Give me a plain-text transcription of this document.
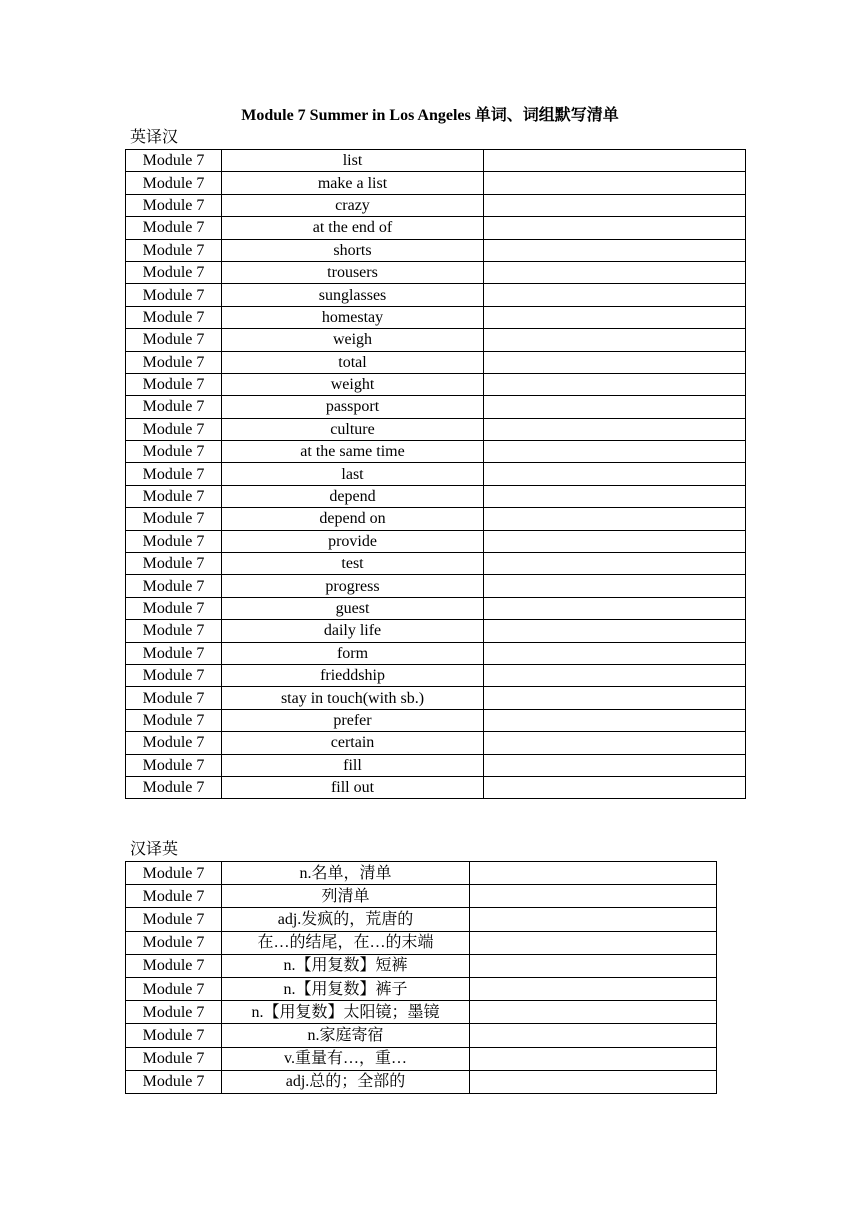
Module 7 Summer in Los Angeles 单词、词组默写清单
英译汉
Module 7	list	
Module 7	make a list	
Module 7	crazy	
Module 7	at the end of	
Module 7	shorts	
Module 7	trousers	
Module 7	sunglasses	
Module 7	homestay	
Module 7	weigh	
Module 7	total	
Module 7	weight	
Module 7	passport	
Module 7	culture	
Module 7	at the same time	
Module 7	last	
Module 7	depend	
Module 7	depend on	
Module 7	provide	
Module 7	test	
Module 7	progress	
Module 7	guest	
Module 7	daily life	
Module 7	form	
Module 7	frieddship	
Module 7	stay in touch(with sb.)	
Module 7	prefer	
Module 7	certain	
Module 7	fill	
Module 7	fill out	
汉译英
Module 7	n.名单，清单	
Module 7	列清单	
Module 7	adj.发疯的，荒唐的	
Module 7	在…的结尾，在…的末端	
Module 7	n.【用复数】短裤	
Module 7	n.【用复数】裤子	
Module 7	n.【用复数】太阳镜；墨镜	
Module 7	n.家庭寄宿	
Module 7	v.重量有…，重…	
Module 7	adj.总的；全部的	
